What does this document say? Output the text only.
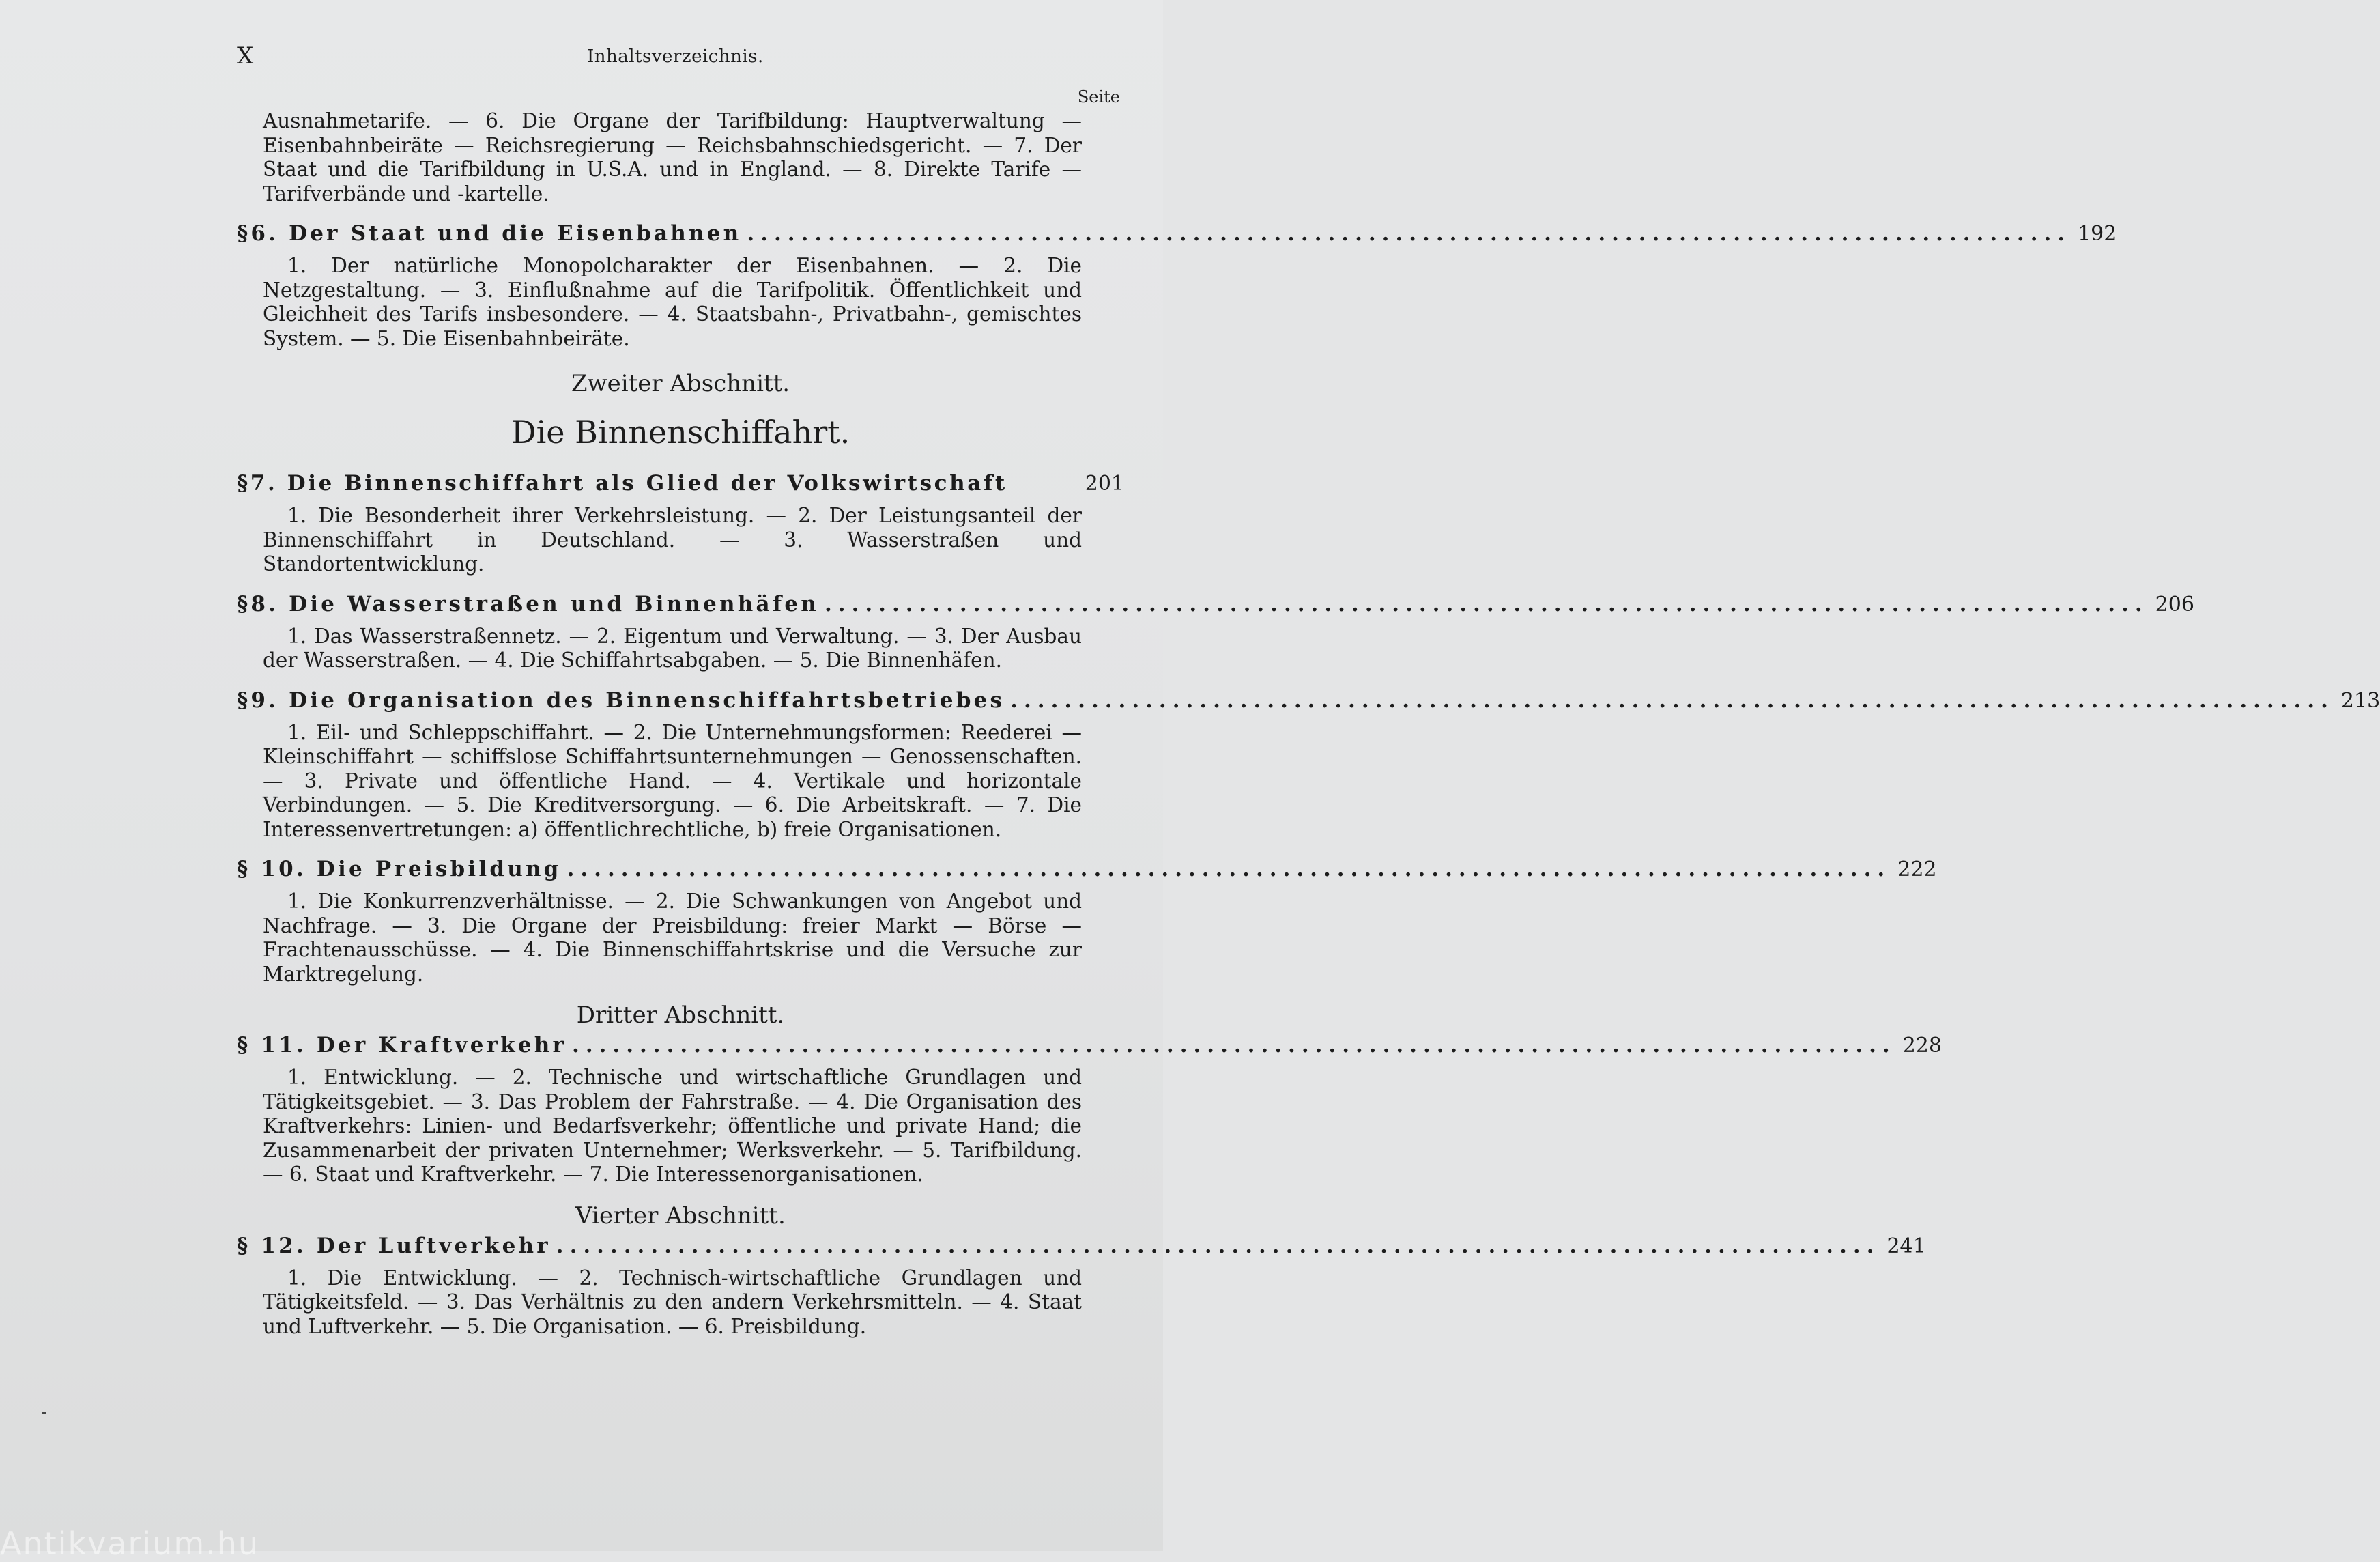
X	Inhaltsverzeichnis.
Seite
Ausnahmetarife. — 6. Die Organe der Tarifbildung: Hauptverwaltung — Eisenbahnbeiräte — Reichsregierung — Reichsbahnschiedsgericht. — 7. Der Staat und die Tarifbildung in U.S.A. und in England. — 8. Direkte Tarife — Tarifverbände und -kartelle.
§6. Der Staat und die Eisenbahnen .................................................................................................. 192
1. Der natürliche Monopolcharakter der Eisenbahnen. — 2. Die Netzgestaltung. — 3. Einflußnahme auf die Tarifpolitik. Öffentlichkeit und Gleichheit des Tarifs insbesondere. — 4. Staatsbahn-, Privatbahn-, gemischtes System. — 5. Die Eisenbahnbeiräte.
Zweiter Abschnitt.
Die Binnenschiffahrt.
§7. Die Binnenschiffahrt als Glied der Volkswirtschaft	201
1. Die Besonderheit ihrer Verkehrsleistung. — 2. Der Leistungsanteil der Binnenschiffahrt in Deutschland. — 3. Wasserstraßen und Standortentwicklung.
§8. Die Wasserstraßen und Binnenhäfen .................................................................................................. 206
1. Das Wasserstraßennetz. — 2. Eigentum und Verwaltung. — 3. Der Ausbau der Wasserstraßen. — 4. Die Schiffahrtsabgaben. — 5. Die Binnenhäfen.
§9. Die Organisation des Binnenschiffahrtsbetriebes .................................................................................................. 213
1. Eil- und Schleppschiffahrt. — 2. Die Unternehmungsformen: Reederei — Kleinschiffahrt — schiffslose Schiffahrtsunternehmungen — Genossenschaften. — 3. Private und öffentliche Hand. — 4. Vertikale und horizontale Verbindungen. — 5. Die Kreditversorgung. — 6. Die Arbeitskraft. — 7. Die Interessenvertretungen: a) öffentlichrechtliche, b) freie Organisationen.
§ 10. Die Preisbildung .................................................................................................. 222
1. Die Konkurrenzverhältnisse. — 2. Die Schwankungen von Angebot und Nachfrage. — 3. Die Organe der Preisbildung: freier Markt — Börse — Frachtenausschüsse. — 4. Die Binnenschiffahrtskrise und die Versuche zur Marktregelung.
Dritter Abschnitt.
§ 11. Der Kraftverkehr .................................................................................................. 228
1. Entwicklung. — 2. Technische und wirtschaftliche Grundlagen und Tätigkeitsgebiet. — 3. Das Problem der Fahrstraße. — 4. Die Organisation des Kraftverkehrs: Linien- und Bedarfsverkehr; öffentliche und private Hand; die Zusammenarbeit der privaten Unternehmer; Werksverkehr. — 5. Tarifbildung. — 6. Staat und Kraftverkehr. — 7. Die Interessenorganisationen.
Vierter Abschnitt.
§ 12. Der Luftverkehr .................................................................................................. 241
1. Die Entwicklung. — 2. Technisch-wirtschaftliche Grundlagen und Tätigkeitsfeld. — 3. Das Verhältnis zu den andern Verkehrsmitteln. — 4. Staat und Luftverkehr. — 5. Die Organisation. — 6. Preisbildung.
Antikvarium.hu
